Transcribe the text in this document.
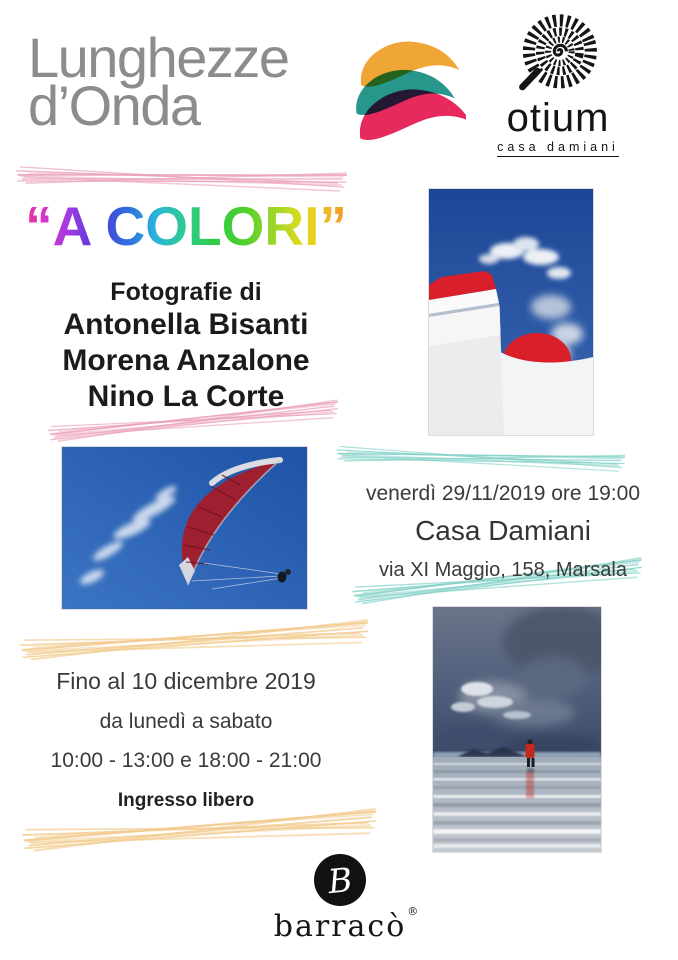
Lunghezze
d’Onda	otium
casa damiani
“A COLORI”
Fotografie di
Antonella Bisanti
Morena Anzalone
Nino La Corte
venerdì 29/11/2019 ore 19:00
Casa Damiani
via XI Maggio, 158, Marsala
Fino al 10 dicembre 2019
da lunedì a sabato
10:00 - 13:00 e 18:00 - 21:00
Ingresso libero
B
barracò ®
